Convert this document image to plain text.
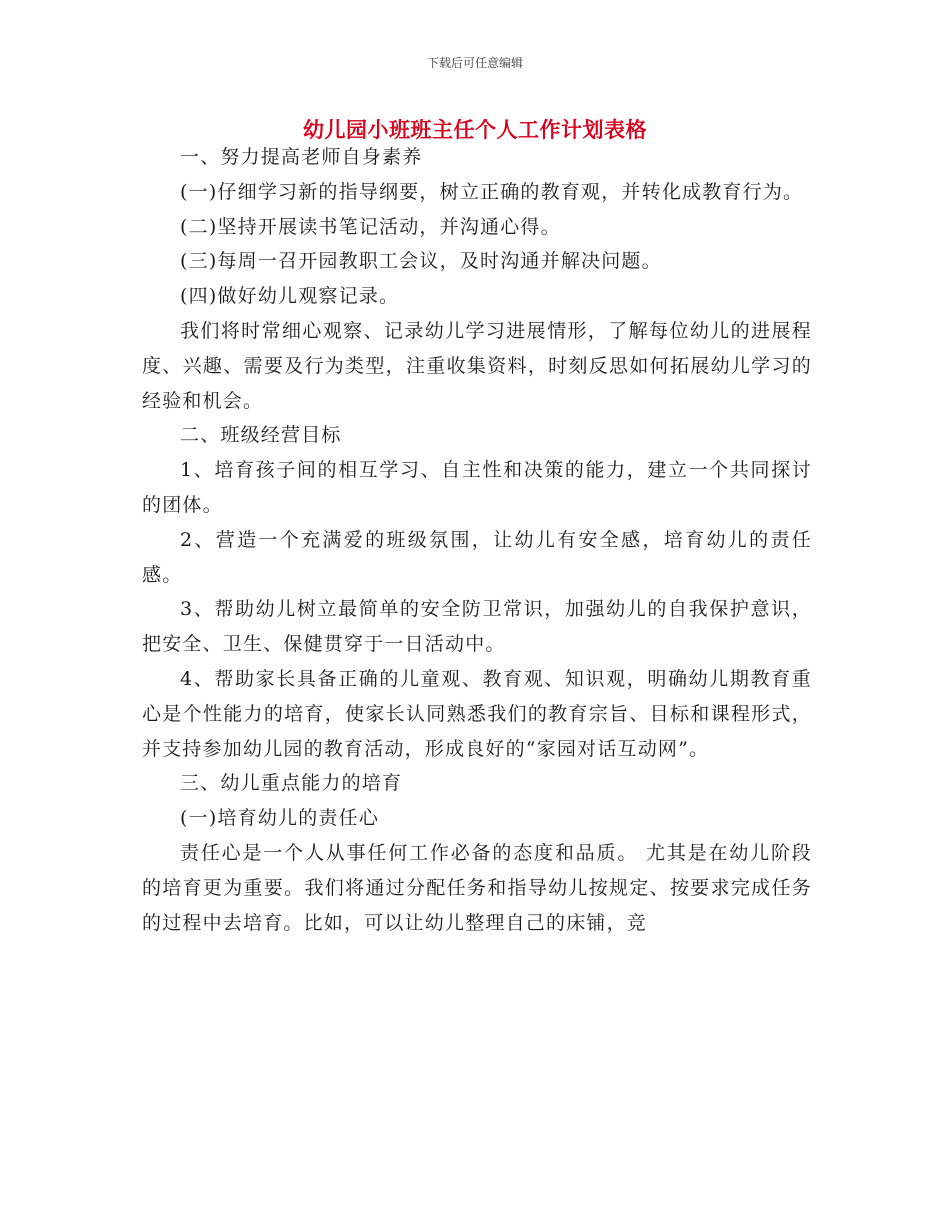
下载后可任意编辑
幼儿园小班班主任个人工作计划表格

一、努力提高老师自身素养

(一)仔细学习新的指导纲要，树立正确的教育观，并转化成教育行为。

(二)坚持开展读书笔记活动，并沟通心得。

(三)每周一召开园教职工会议，及时沟通并解决问题。

(四)做好幼儿观察记录。

我们将时常细心观察、记录幼儿学习进展情形，了解每位幼儿的进展程度、兴趣、需要及行为类型，注重收集资料，时刻反思如何拓展幼儿学习的经验和机会。

二、班级经营目标

1、培育孩子间的相互学习、自主性和决策的能力，建立一个共同探讨的团体。

2、营造一个充满爱的班级氛围，让幼儿有安全感，培育幼儿的责任感。

3、帮助幼儿树立最简单的安全防卫常识，加强幼儿的自我保护意识，把安全、卫生、保健贯穿于一日活动中。

4、帮助家长具备正确的儿童观、教育观、知识观，明确幼儿期教育重心是个性能力的培育，使家长认同熟悉我们的教育宗旨、目标和课程形式，并支持参加幼儿园的教育活动，形成良好的“家园对话互动网”。

三、幼儿重点能力的培育

(一)培育幼儿的责任心

责任心是一个人从事任何工作必备的态度和品质。 尤其是在幼儿阶段的培育更为重要。我们将通过分配任务和指导幼儿按规定、按要求完成任务的过程中去培育。比如，可以让幼儿整理自己的床铺，竞
